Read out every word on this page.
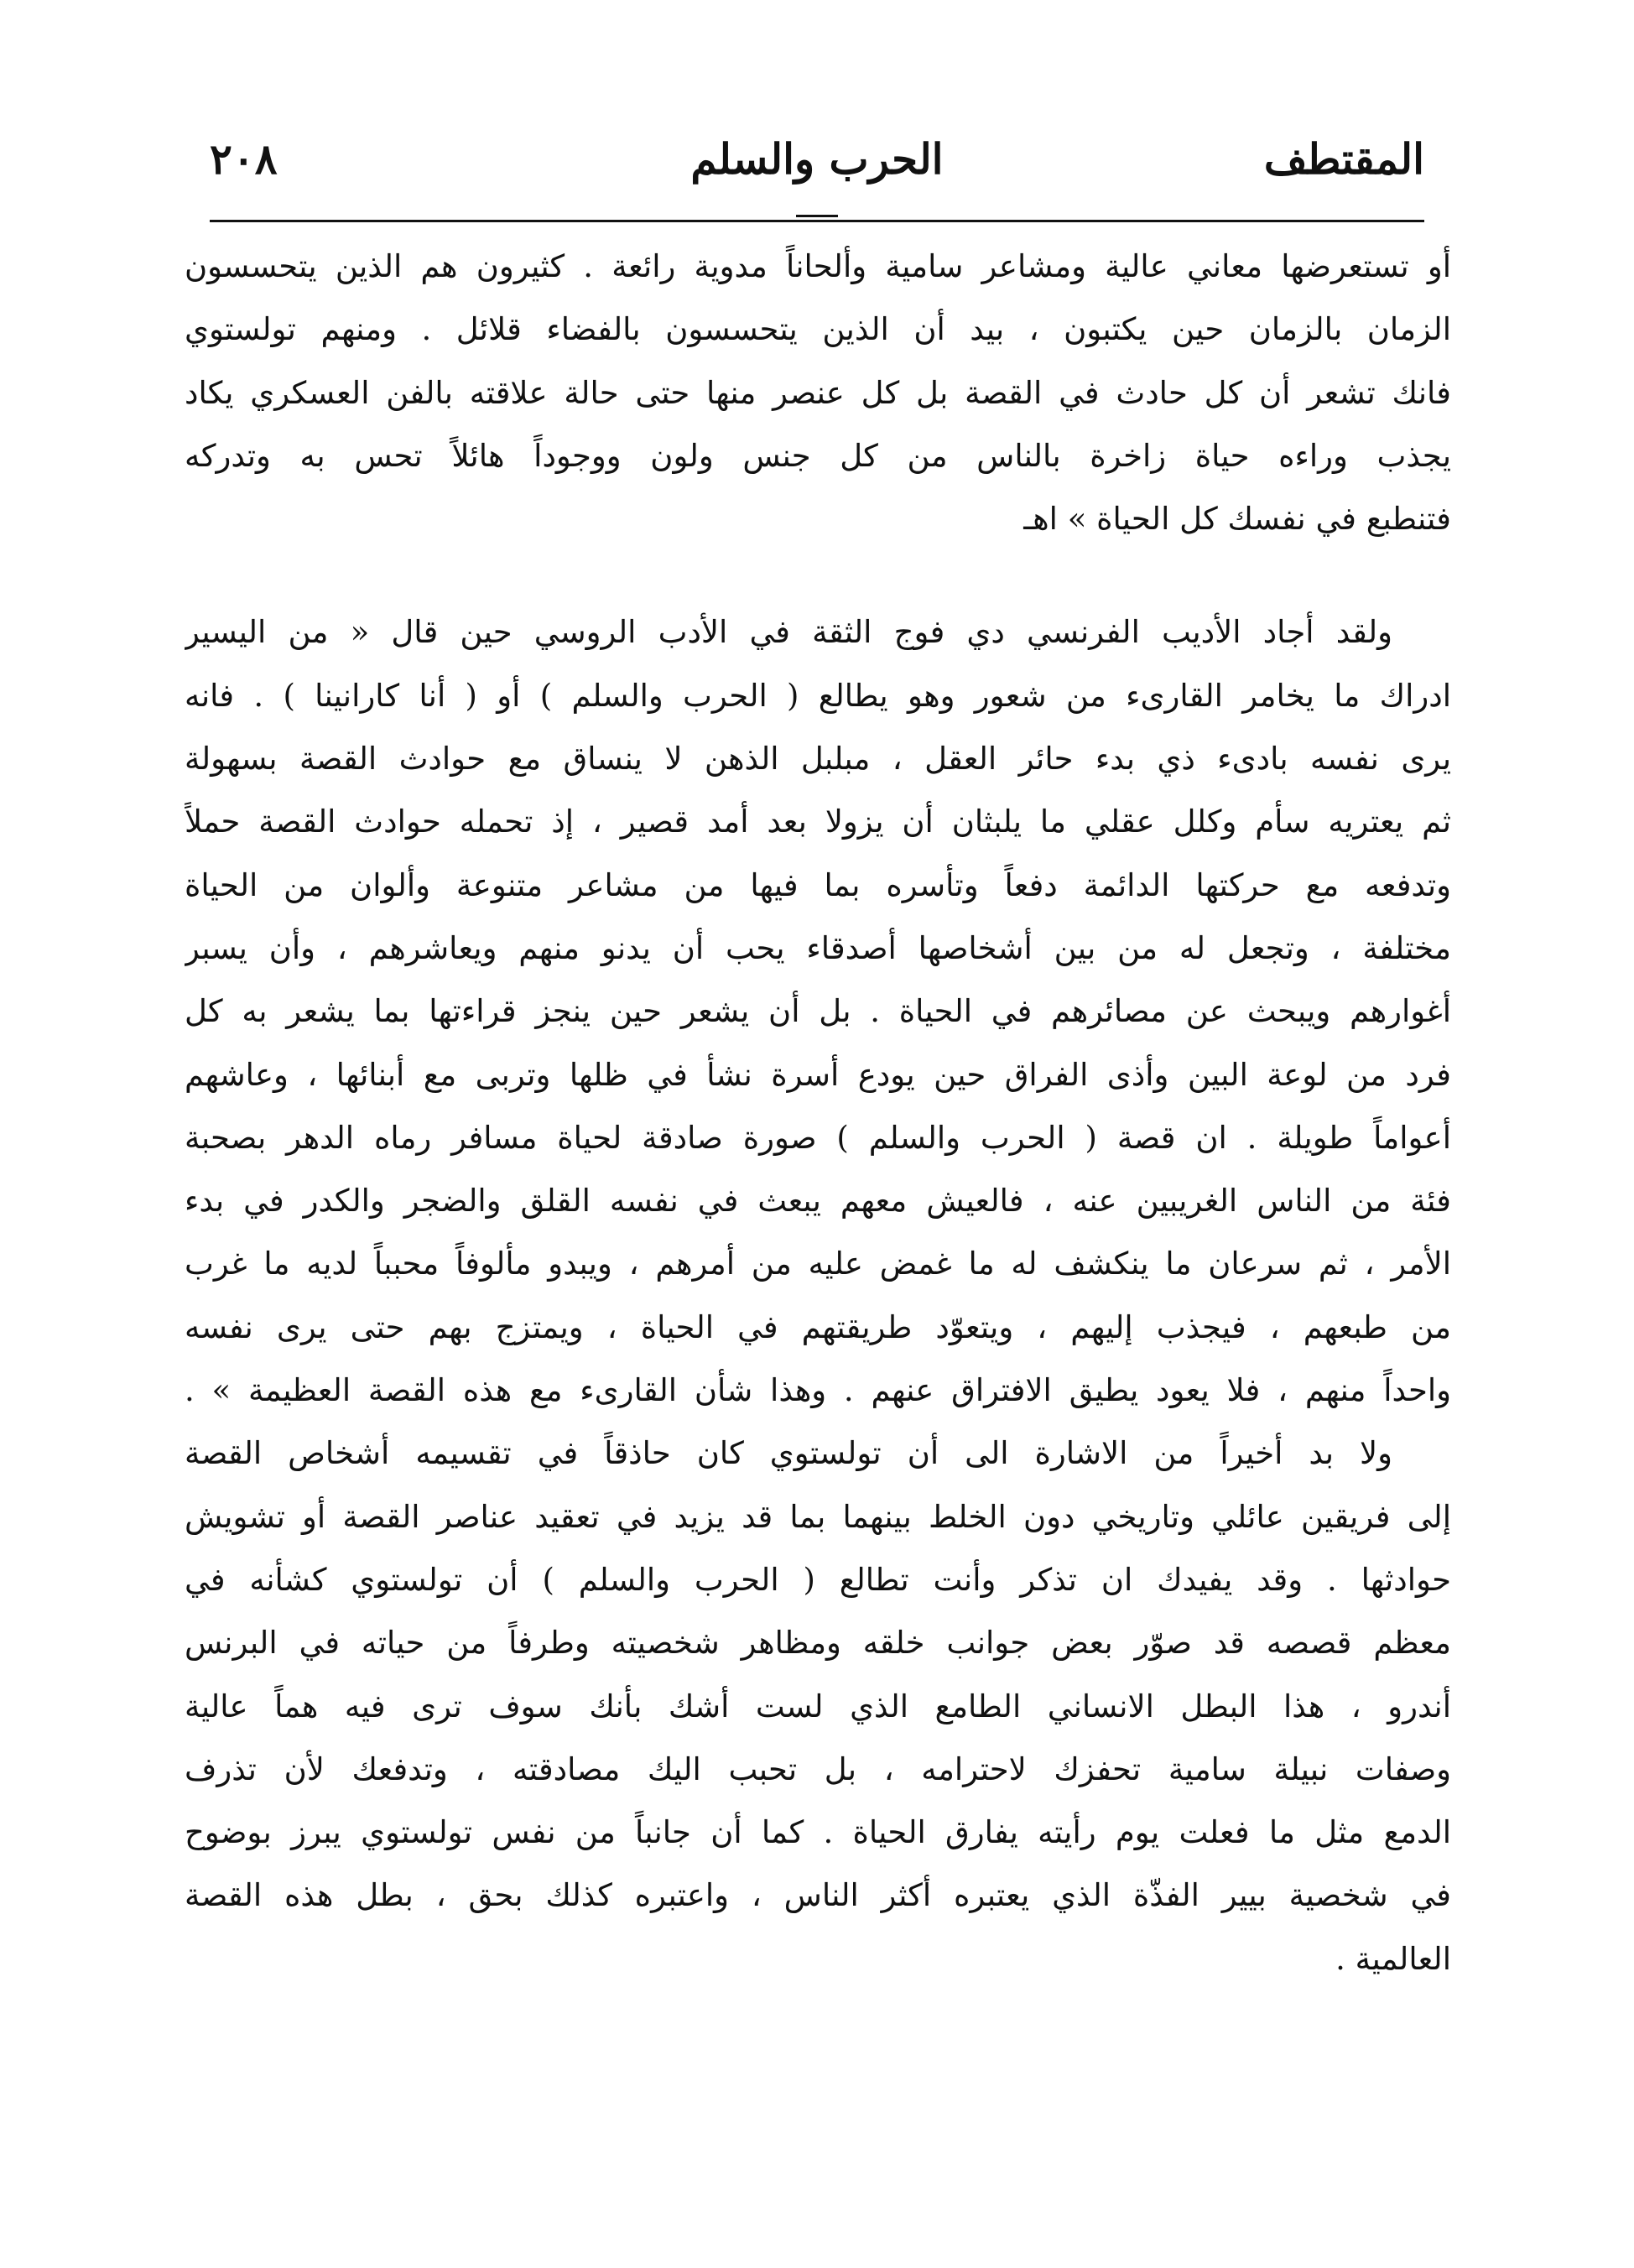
المقتطف
الحرب والسلم
٢٠٨
أو تستعرضها معاني عالية ومشاعر سامية وألحاناً مدوية رائعة . كثيرون هم الذين يتحسسون
الزمان بالزمان حين يكتبون ، بيد أن الذين يتحسسون بالفضاء قلائل . ومنهم تولستوي
فانك تشعر أن كل حادث في القصة بل كل عنصر منها حتى حالة علاقته بالفن العسكري يكاد
يجذب وراءه حياة زاخرة بالناس من كل جنس ولون ووجوداً هائلاً تحس به وتدركه
فتنطبع في نفسك كل الحياة » اهـ
ولقد أجاد الأديب الفرنسي دي فوج الثقة في الأدب الروسي حين قال « من اليسير
ادراك ما يخامر القارىء من شعور وهو يطالع ( الحرب والسلم ) أو ( أنا كارانينا ) . فانه
يرى نفسه بادىء ذي بدء حائر العقل ، مبلبل الذهن لا ينساق مع حوادث القصة بسهولة
ثم يعتريه سأم وكلل عقلي ما يلبثان أن يزولا بعد أمد قصير ، إذ تحمله حوادث القصة حملاً
وتدفعه مع حركتها الدائمة دفعاً وتأسره بما فيها من مشاعر متنوعة وألوان من الحياة
مختلفة ، وتجعل له من بين أشخاصها أصدقاء يحب أن يدنو منهم ويعاشرهم ، وأن يسبر
أغوارهم ويبحث عن مصائرهم في الحياة . بل أن يشعر حين ينجز قراءتها بما يشعر به كل
فرد من لوعة البين وأذى الفراق حين يودع أسرة نشأ في ظلها وتربى مع أبنائها ، وعاشهم
أعواماً طويلة . ان قصة ( الحرب والسلم ) صورة صادقة لحياة مسافر رماه الدهر بصحبة
فئة من الناس الغريبين عنه ، فالعيش معهم يبعث في نفسه القلق والضجر والكدر في بدء
الأمر ، ثم سرعان ما ينكشف له ما غمض عليه من أمرهم ، ويبدو مألوفاً محبباً لديه ما غرب
من طبعهم ، فيجذب إليهم ، ويتعوّد طريقتهم في الحياة ، ويمتزج بهم حتى يرى نفسه
واحداً منهم ، فلا يعود يطيق الافتراق عنهم . وهذا شأن القارىء مع هذه القصة العظيمة » .
ولا بد أخيراً من الاشارة الى أن تولستوي كان حاذقاً في تقسيمه أشخاص القصة
إلى فريقين عائلي وتاريخي دون الخلط بينهما بما قد يزيد في تعقيد عناصر القصة أو تشويش
حوادثها . وقد يفيدك ان تذكر وأنت تطالع ( الحرب والسلم ) أن تولستوي كشأنه في
معظم قصصه قد صوّر بعض جوانب خلقه ومظاهر شخصيته وطرفاً من حياته في البرنس
أندرو ، هذا البطل الانساني الطامع الذي لست أشك بأنك سوف ترى فيه هماً عالية
وصفات نبيلة سامية تحفزك لاحترامه ، بل تحبب اليك مصادقته ، وتدفعك لأن تذرف
الدمع مثل ما فعلت يوم رأيته يفارق الحياة . كما أن جانباً من نفس تولستوي يبرز بوضوح
في شخصية بيير الفذّة الذي يعتبره أكثر الناس ، واعتبره كذلك بحق ، بطل هذه القصة
العالمية .
